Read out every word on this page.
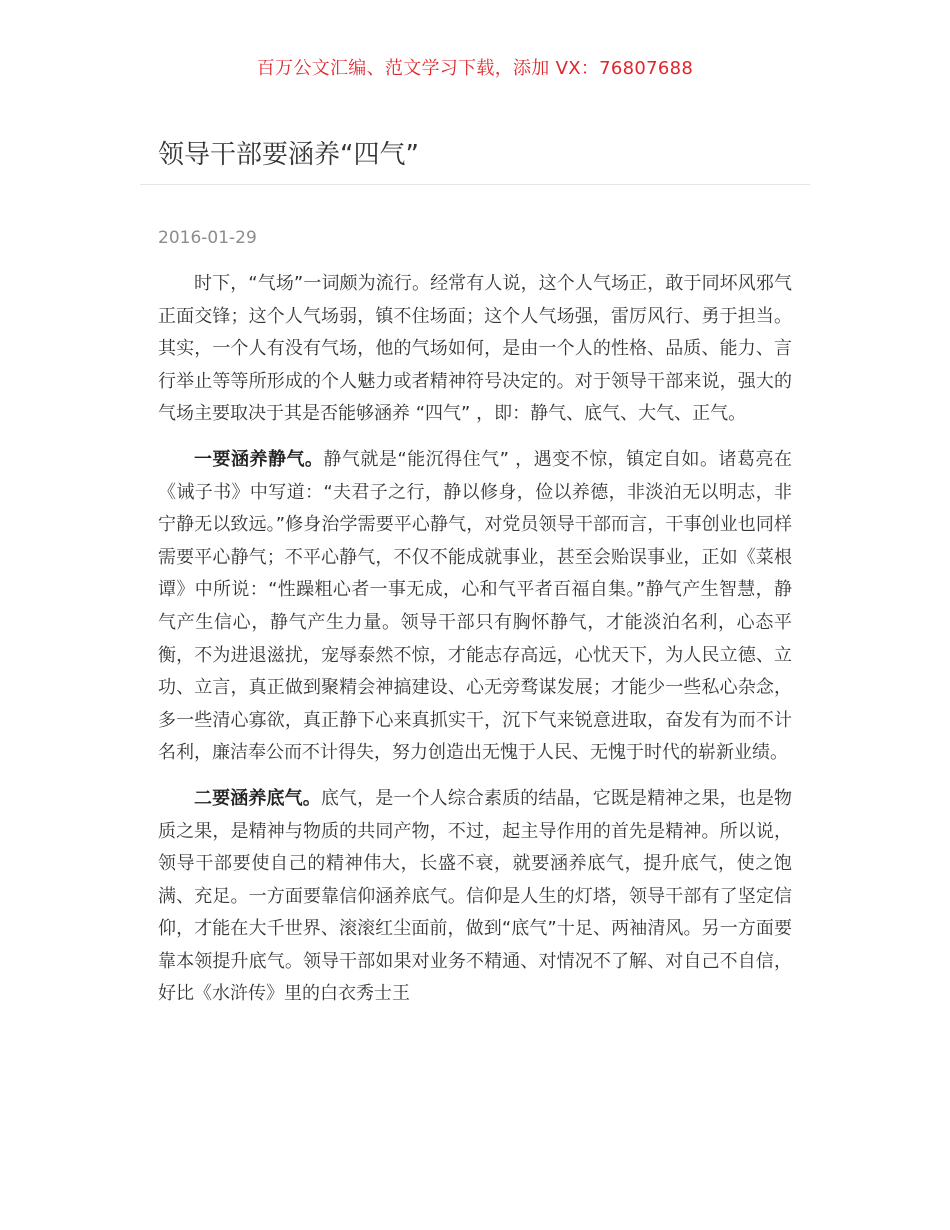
百万公文汇编、范文学习下载，添加 VX：76807688
领导干部要涵养“四气”
2016-01-29

时下，“气场”一词颇为流行。经常有人说，这个人气场正，敢于同坏风邪气正面交锋；这个人气场弱，镇不住场面；这个人气场强，雷厉风行、勇于担当。其实，一个人有没有气场，他的气场如何，是由一个人的性格、品质、能力、言行举止等等所形成的个人魅力或者精神符号决定的。对于领导干部来说，强大的气场主要取决于其是否能够涵养 “四气” ，即：静气、底气、大气、正气。

一要涵养静气。静气就是“能沉得住气” ，遇变不惊，镇定自如。诸葛亮在《诫子书》中写道：“夫君子之行，静以修身，俭以养德，非淡泊无以明志，非宁静无以致远。”修身治学需要平心静气，对党员领导干部而言，干事创业也同样需要平心静气；不平心静气，不仅不能成就事业，甚至会贻误事业，正如《菜根谭》中所说：“性躁粗心者一事无成，心和气平者百福自集。”静气产生智慧，静气产生信心，静气产生力量。领导干部只有胸怀静气，才能淡泊名利，心态平衡，不为进退滋扰，宠辱泰然不惊，才能志存高远，心忧天下，为人民立德、立功、立言，真正做到聚精会神搞建设、心无旁骛谋发展；才能少一些私心杂念，多一些清心寡欲，真正静下心来真抓实干，沉下气来锐意进取，奋发有为而不计名利，廉洁奉公而不计得失，努力创造出无愧于人民、无愧于时代的崭新业绩。

二要涵养底气。底气，是一个人综合素质的结晶，它既是精神之果，也是物质之果，是精神与物质的共同产物，不过，起主导作用的首先是精神。所以说，领导干部要使自己的精神伟大，长盛不衰，就要涵养底气，提升底气，使之饱满、充足。一方面要靠信仰涵养底气。信仰是人生的灯塔，领导干部有了坚定信仰，才能在大千世界、滚滚红尘面前，做到“底气”十足、两袖清风。另一方面要靠本领提升底气。领导干部如果对业务不精通、对情况不了解、对自己不自信，好比《水浒传》里的白衣秀士王
